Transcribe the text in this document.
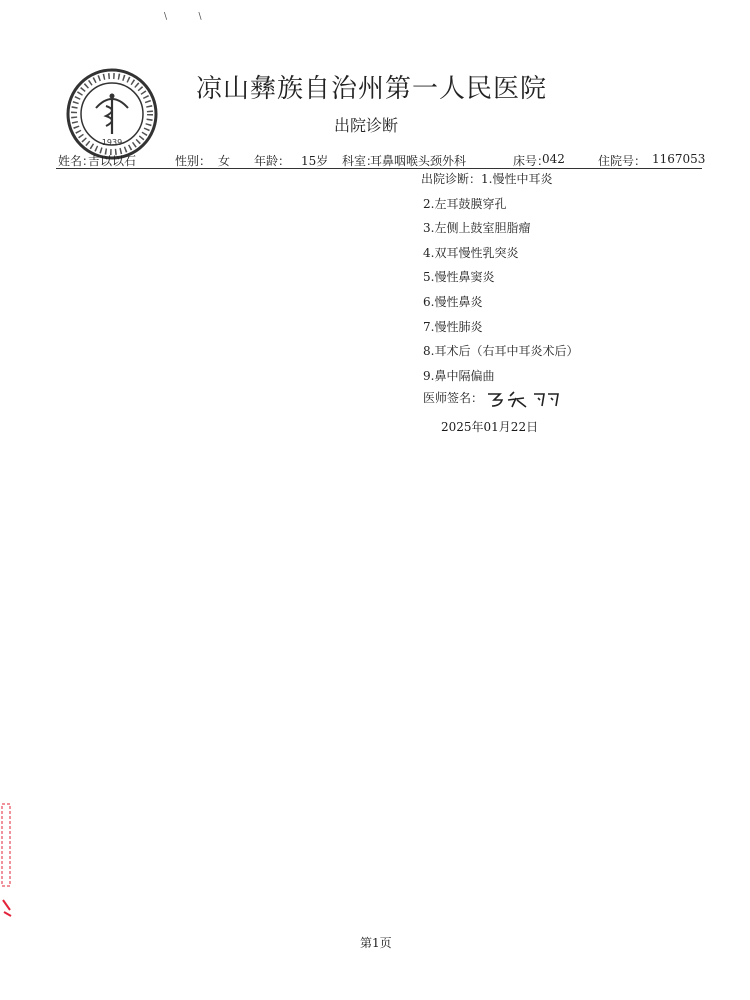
\           \
1939
凉山彝族自治州第一人民医院
出院诊断
姓名：
吉以以石	性别： 女 年龄： 15岁 科室：
耳鼻咽喉头颈外科	床号：
042	住院号： 1167053
出院诊断：1.慢性中耳炎
2.左耳鼓膜穿孔
3.左侧上鼓室胆脂瘤
4.双耳慢性乳突炎
5.慢性鼻窦炎
6.慢性鼻炎
7.慢性肺炎
8.耳术后（右耳中耳炎术后）
9.鼻中隔偏曲
医师签名：
2025年01月22日
第1页
